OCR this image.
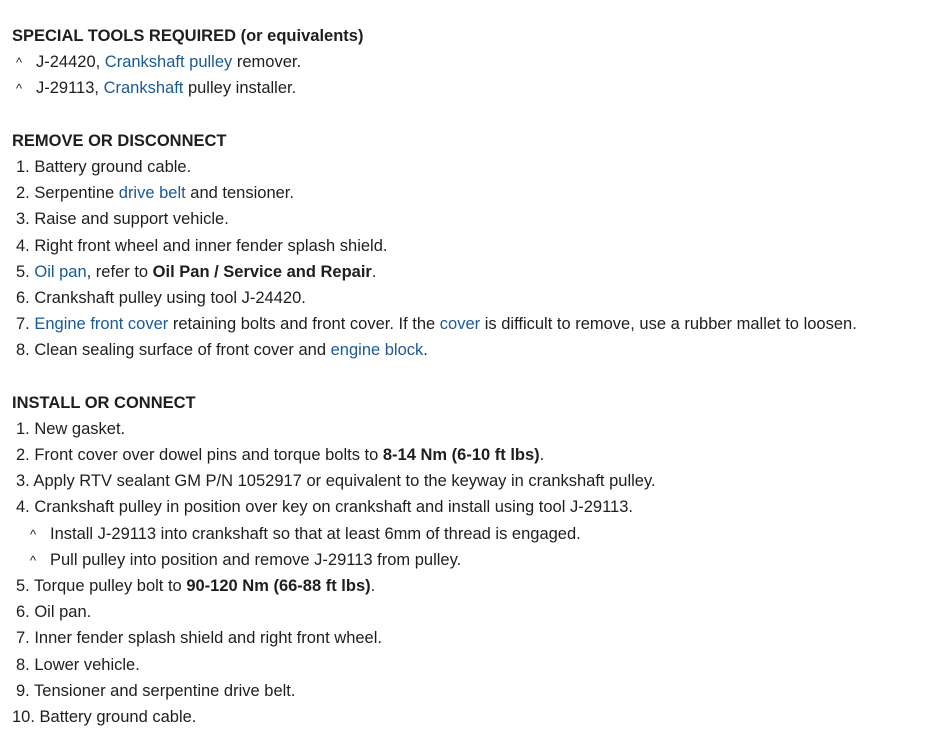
SPECIAL TOOLS REQUIRED (or equivalents)
^ J-24420, Crankshaft pulley remover.
^ J-29113, Crankshaft pulley installer.
REMOVE OR DISCONNECT
1. Battery ground cable.
2. Serpentine drive belt and tensioner.
3. Raise and support vehicle.
4. Right front wheel and inner fender splash shield.
5. Oil pan, refer to Oil Pan / Service and Repair.
6. Crankshaft pulley using tool J-24420.
7. Engine front cover retaining bolts and front cover. If the cover is difficult to remove, use a rubber mallet to loosen.
8. Clean sealing surface of front cover and engine block.
INSTALL OR CONNECT
1. New gasket.
2. Front cover over dowel pins and torque bolts to 8-14 Nm (6-10 ft lbs).
3. Apply RTV sealant GM P/N 1052917 or equivalent to the keyway in crankshaft pulley.
4. Crankshaft pulley in position over key on crankshaft and install using tool J-29113.
^ Install J-29113 into crankshaft so that at least 6mm of thread is engaged.
^ Pull pulley into position and remove J-29113 from pulley.
5. Torque pulley bolt to 90-120 Nm (66-88 ft lbs).
6. Oil pan.
7. Inner fender splash shield and right front wheel.
8. Lower vehicle.
9. Tensioner and serpentine drive belt.
10. Battery ground cable.
